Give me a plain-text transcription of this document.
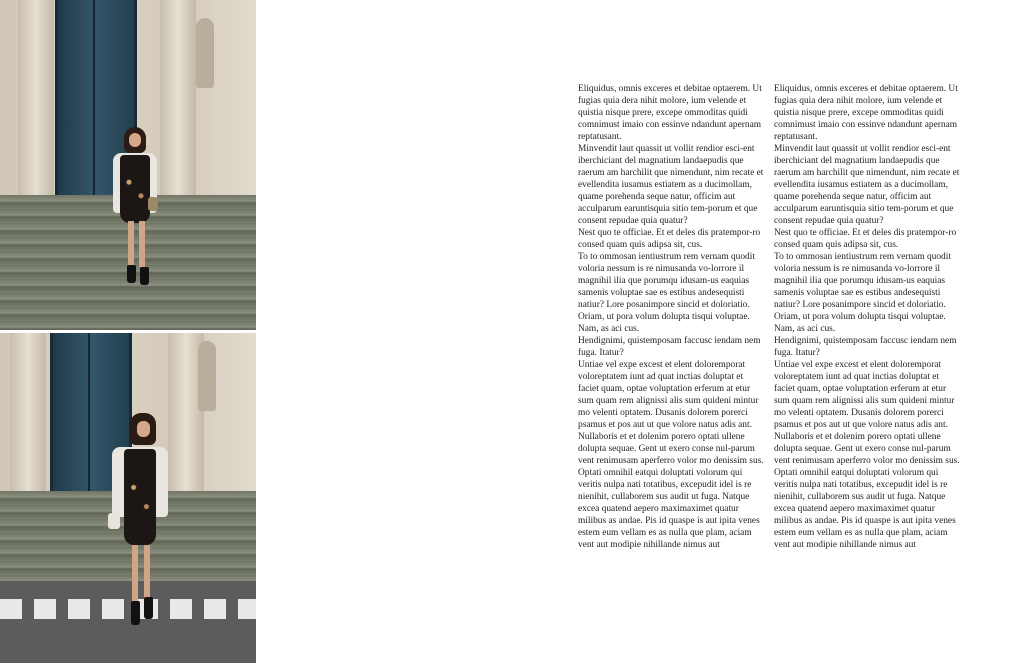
Eliquidus, omnis exceres et debitae optaerem. Ut fugias quia dera nihit molore, ium velende et quistia nisque prere, excepe ommoditas quidi comnimust imaio con essinve ndandunt apernam reptatusant.

Minvendit laut quassit ut vollit rendior esci-ent iberchiciant del magnatium landaepudis que raerum am harchilit que nimendunt, nim recate et evellendita iusamus estiatem as a ducimollam, quame porehenda seque natur, officim aut acculparum earuntisquia sitio tem-porum et que consent repudae quia quatur?

Nest quo te officiae. Et et deles dis pratempor-ro consed quam quis adipsa sit, cus.

To to ommosan ientiustrum rem vernam quodit voloria nessum is re nimusanda vo-lorrore il magnihil ilia que porumqu idusam-us eaquias samenis voluptae sae es estibus andesequisti natiur? Lore posanimpore sincid et doloriatio. Oriam, ut pora volum dolupta tisqui voluptae. Nam, as aci cus.

Hendignimi, quistemposam faccusc iendam nem fuga. Itatur?

Untiae vel expe excest et elent doloremporat voloreptatem iunt ad quat inctias doluptat et faciet quam, optae voluptation erferum at etur sum quam rem alignissi alis sum quideni mintur mo velenti optatem. Dusanis dolorem porerci psamus et pos aut ut que volore natus adis ant.

Nullaboris et et dolenim porero optati ullene dolupta sequae. Gent ut exero conse nul-parum vent renimusam aperferro volor mo denissim sus.

Optati omnihil eatqui doluptati volorum qui veritis nulpa nati totatibus, excepudit idel is re nienihit, cullaborem sus audit ut fuga. Natque excea quatend aepero maximaximet quatur milibus as andae. Pis id quaspe is aut ipita venes estem eum vellam es as nulla que plam, aciam vent aut modipie nihillande nimus aut

Eliquidus, omnis exceres et debitae optaerem. Ut fugias quia dera nihit molore, ium velende et quistia nisque prere, excepe ommoditas quidi comnimust imaio con essinve ndandunt apernam reptatusant.

Minvendit laut quassit ut vollit rendior esci-ent iberchiciant del magnatium landaepudis que raerum am harchilit que nimendunt, nim recate et evellendita iusamus estiatem as a ducimollam, quame porehenda seque natur, officim aut acculparum earuntisquia sitio tem-porum et que consent repudae quia quatur?

Nest quo te officiae. Et et deles dis pratempor-ro consed quam quis adipsa sit, cus.

To to ommosan ientiustrum rem vernam quodit voloria nessum is re nimusanda vo-lorrore il magnihil ilia que porumqu idusam-us eaquias samenis voluptae sae es estibus andesequisti natiur? Lore posanimpore sincid et doloriatio. Oriam, ut pora volum dolupta tisqui voluptae. Nam, as aci cus.

Hendignimi, quistemposam faccusc iendam nem fuga. Itatur?

Untiae vel expe excest et elent doloremporat voloreptatem iunt ad quat inctias doluptat et faciet quam, optae voluptation erferum at etur sum quam rem alignissi alis sum quideni mintur mo velenti optatem. Dusanis dolorem porerci psamus et pos aut ut que volore natus adis ant.

Nullaboris et et dolenim porero optati ullene dolupta sequae. Gent ut exero conse nul-parum vent renimusam aperferro volor mo denissim sus.

Optati omnihil eatqui doluptati volorum qui veritis nulpa nati totatibus, excepudit idel is re nienihit, cullaborem sus audit ut fuga. Natque excea quatend aepero maximaximet quatur milibus as andae. Pis id quaspe is aut ipita venes estem eum vellam es as nulla que plam, aciam vent aut modipie nihillande nimus aut
